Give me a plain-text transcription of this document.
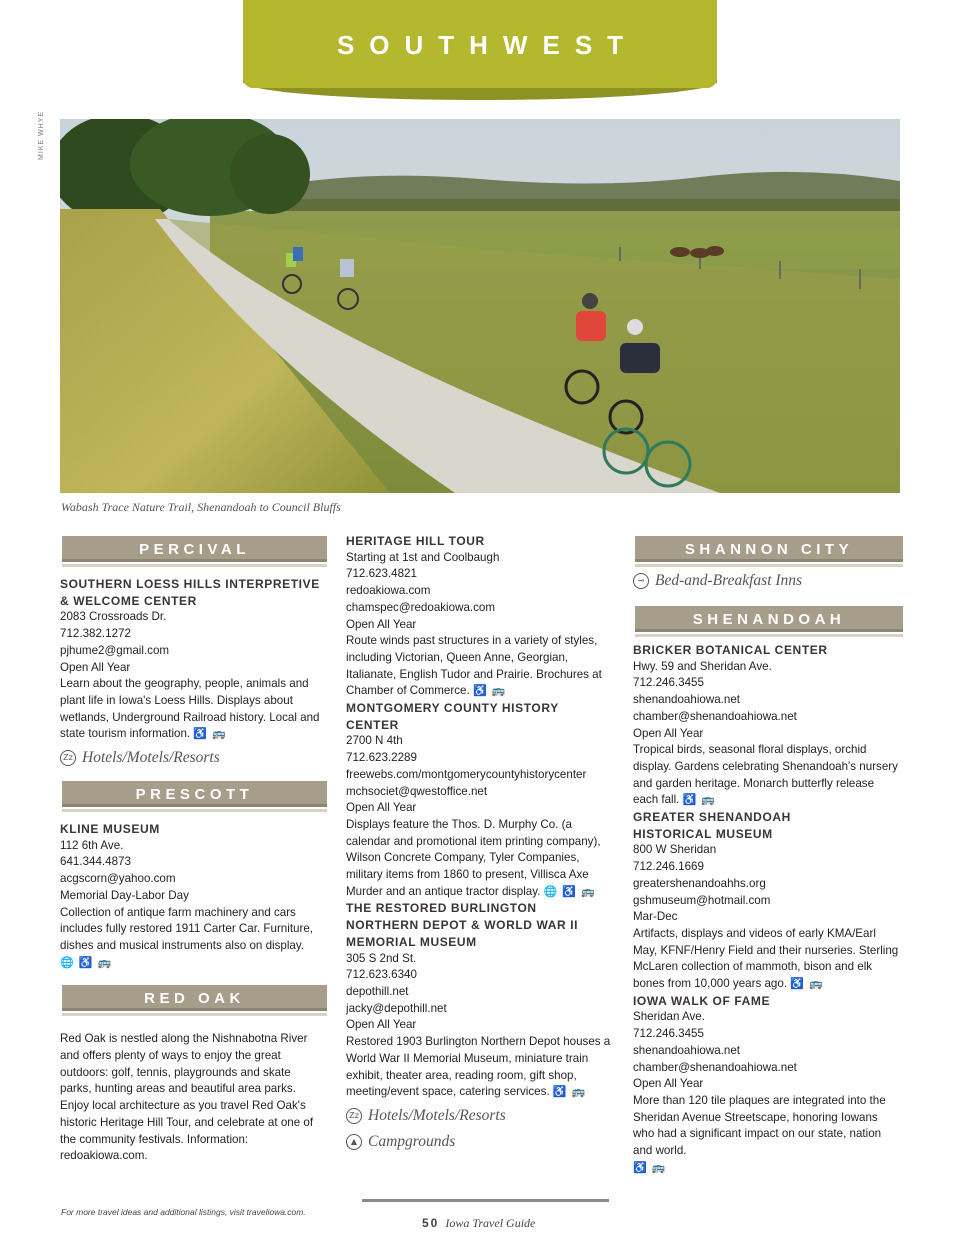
SOUTHWEST
MIKE WHYE
Wabash Trace Nature Trail, Shenandoah to Council Bluffs
PERCIVAL

SOUTHERN LOESS HILLS INTERPRETIVE

& WELCOME CENTER

2083 Crossroads Dr.

712.382.1272

pjhume2@gmail.com

Open All Year

Learn about the geography, people, animals and plant life in Iowa's Loess Hills. Displays about wetlands, Underground Railroad history. Local and state tourism information. ♿ 🚌

Zz Hotels/Motels/Resorts
PRESCOTT

KLINE MUSEUM

112 6th Ave.

641.344.4873

acgscorn@yahoo.com

Memorial Day-Labor Day

Collection of antique farm machinery and cars includes fully restored 1911 Carter Car. Furniture, dishes and musical instruments also on display. 🌐 ♿ 🚌

RED OAK

Red Oak is nestled along the Nishnabotna River and offers plenty of ways to enjoy the great outdoors: golf, tennis, playgrounds and skate parks, hunting areas and beautiful area parks. Enjoy local architecture as you travel Red Oak's historic Heritage Hill Tour, and celebrate at one of the community festivals. Information: redoakiowa.com.

HERITAGE HILL TOUR

Starting at 1st and Coolbaugh

712.623.4821

redoakiowa.com

chamspec@redoakiowa.com

Open All Year

Route winds past structures in a variety of styles, including Victorian, Queen Anne, Georgian, Italianate, English Tudor and Prairie. Brochures at Chamber of Commerce. ♿ 🚌

MONTGOMERY COUNTY HISTORY CENTER

2700 N 4th

712.623.2289

freewebs.com/montgomerycountyhistorycenter

mchsociet@qwestoffice.net

Open All Year

Displays feature the Thos. D. Murphy Co. (a calendar and promotional item printing company), Wilson Concrete Company, Tyler Companies, military items from 1860 to present, Villisca Axe Murder and an antique tractor display. 🌐 ♿ 🚌

THE RESTORED BURLINGTON

NORTHERN DEPOT & WORLD WAR II

MEMORIAL MUSEUM

305 S 2nd St.

712.623.6340

depothill.net

jacky@depothill.net

Open All Year

Restored 1903 Burlington Northern Depot houses a World War II Memorial Museum, miniature train exhibit, theater area, reading room, gift shop, meeting/event space, catering services. ♿ 🚌

Zz Hotels/Motels/Resorts
▲ Campgrounds
SHANNON CITY
⊸ Bed-and-Breakfast Inns
SHENANDOAH

BRICKER BOTANICAL CENTER

Hwy. 59 and Sheridan Ave.

712.246.3455

shenandoahiowa.net

chamber@shenandoahiowa.net

Open All Year

Tropical birds, seasonal floral displays, orchid display. Gardens celebrating Shenandoah's nursery and garden heritage. Monarch butterfly release each fall. ♿ 🚌

GREATER SHENANDOAH

HISTORICAL MUSEUM

800 W Sheridan

712.246.1669

greatershenandoahhs.org

gshmuseum@hotmail.com

Mar-Dec

Artifacts, displays and videos of early KMA/Earl May, KFNF/Henry Field and their nurseries. Sterling McLaren collection of mammoth, bison and elk bones from 10,000 years ago. ♿ 🚌

IOWA WALK OF FAME

Sheridan Ave.

712.246.3455

shenandoahiowa.net

chamber@shenandoahiowa.net

Open All Year

More than 120 tile plaques are integrated into the Sheridan Avenue Streetscape, honoring Iowans who had a significant impact on our state, nation and world.

♿ 🚌

For more travel ideas and additional listings, visit traveliowa.com.
50 Iowa Travel Guide
